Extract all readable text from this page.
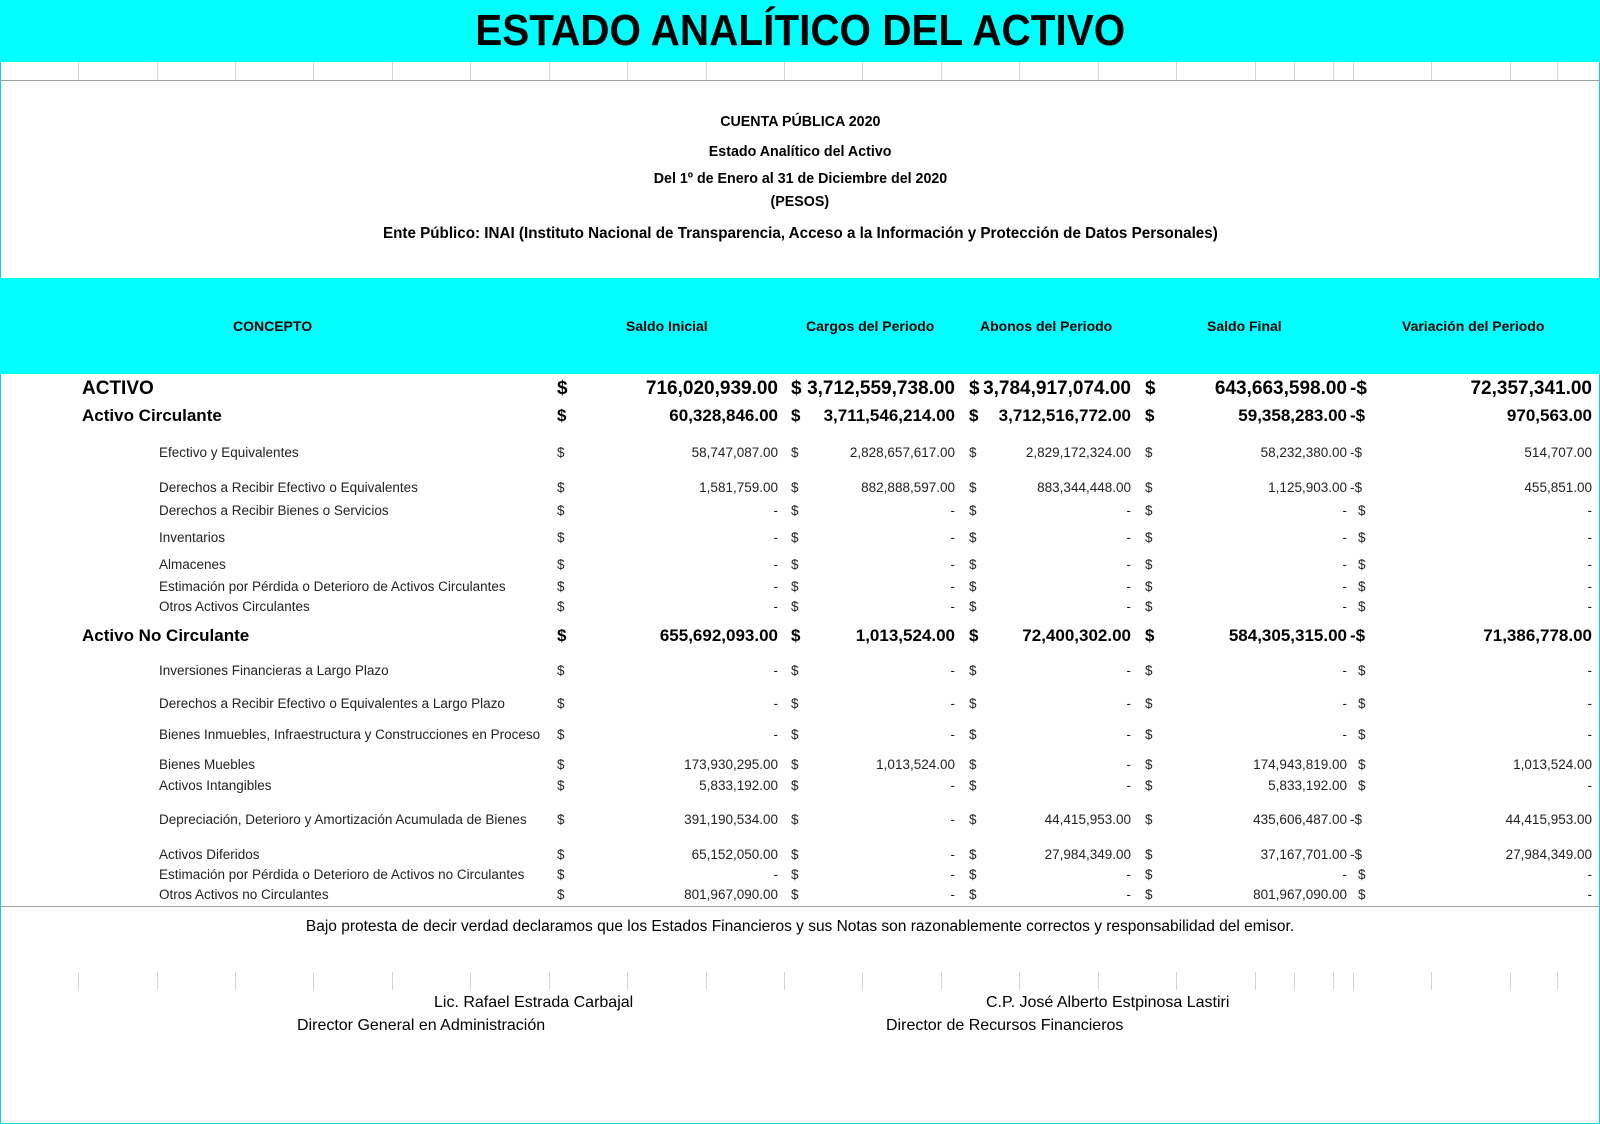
ESTADO ANALÍTICO DEL ACTIVO
CUENTA PÚBLICA 2020
Estado Analítico del Activo
Del 1º de Enero al 31 de Diciembre del 2020
(PESOS)
Ente Público: INAI (Instituto Nacional de Transparencia, Acceso a la Información y Protección de Datos Personales)
CONCEPTO	Saldo Inicial	Cargos del Periodo	Abonos del Periodo	Saldo Final	Variación del Periodo
ACTIVO	$	716,020,939.00 $ 3,712,559,738.00 $ 3,784,917,074.00 $	643,663,598.00 -$	72,357,341.00
Activo Circulante	$	60,328,846.00 $ 3,711,546,214.00 $ 3,712,516,772.00 $	59,358,283.00 -$	970,563.00
Efectivo y Equivalentes	$	58,747,087.00 $	2,828,657,617.00 $	2,829,172,324.00 $	58,232,380.00 -$	514,707.00
Derechos a Recibir Efectivo o Equivalentes	$	1,581,759.00 $	882,888,597.00 $	883,344,448.00 $	1,125,903.00 -$	455,851.00
Derechos a Recibir Bienes o Servicios	$	- $	- $	- $	- $	-
Inventarios	$	- $	- $	- $	- $	-
Almacenes	$	- $	- $	- $	- $	-
Estimación por Pérdida o Deterioro de Activos Circulantes	$	- $	- $	- $	- $	-
Otros Activos Circulantes	$	- $	- $	- $	- $	-
Activo No Circulante	$	655,692,093.00 $	1,013,524.00 $	72,400,302.00 $	584,305,315.00 -$	71,386,778.00
Inversiones Financieras a Largo Plazo	$	- $	- $	- $	- $	-
Derechos a Recibir Efectivo o Equivalentes a Largo Plazo	$	- $	- $	- $	- $	-
Bienes Inmuebles, Infraestructura y Construcciones en Proceso $	- $	- $	- $	- $	-
Bienes Muebles	$	173,930,295.00 $	1,013,524.00 $	- $	174,943,819.00 $	1,013,524.00
Activos Intangibles	$	5,833,192.00 $	- $	- $	5,833,192.00 $	-
Depreciación, Deterioro y Amortización Acumulada de Bienes $	391,190,534.00 $	- $	44,415,953.00 $	435,606,487.00 -$	44,415,953.00
Activos Diferidos	$	65,152,050.00 $	- $	27,984,349.00 $	37,167,701.00 -$	27,984,349.00
Estimación por Pérdida o Deterioro de Activos no Circulantes $	- $	- $	- $	- $	-
Otros Activos no Circulantes	$	801,967,090.00 $	- $	- $	801,967,090.00 $	-
Bajo protesta de decir verdad declaramos que los Estados Financieros y sus Notas son razonablemente correctos y responsabilidad del emisor.
Lic. Rafael Estrada Carbajal
Director General en Administración
C.P. José Alberto Estpinosa Lastiri
Director de Recursos Financieros
